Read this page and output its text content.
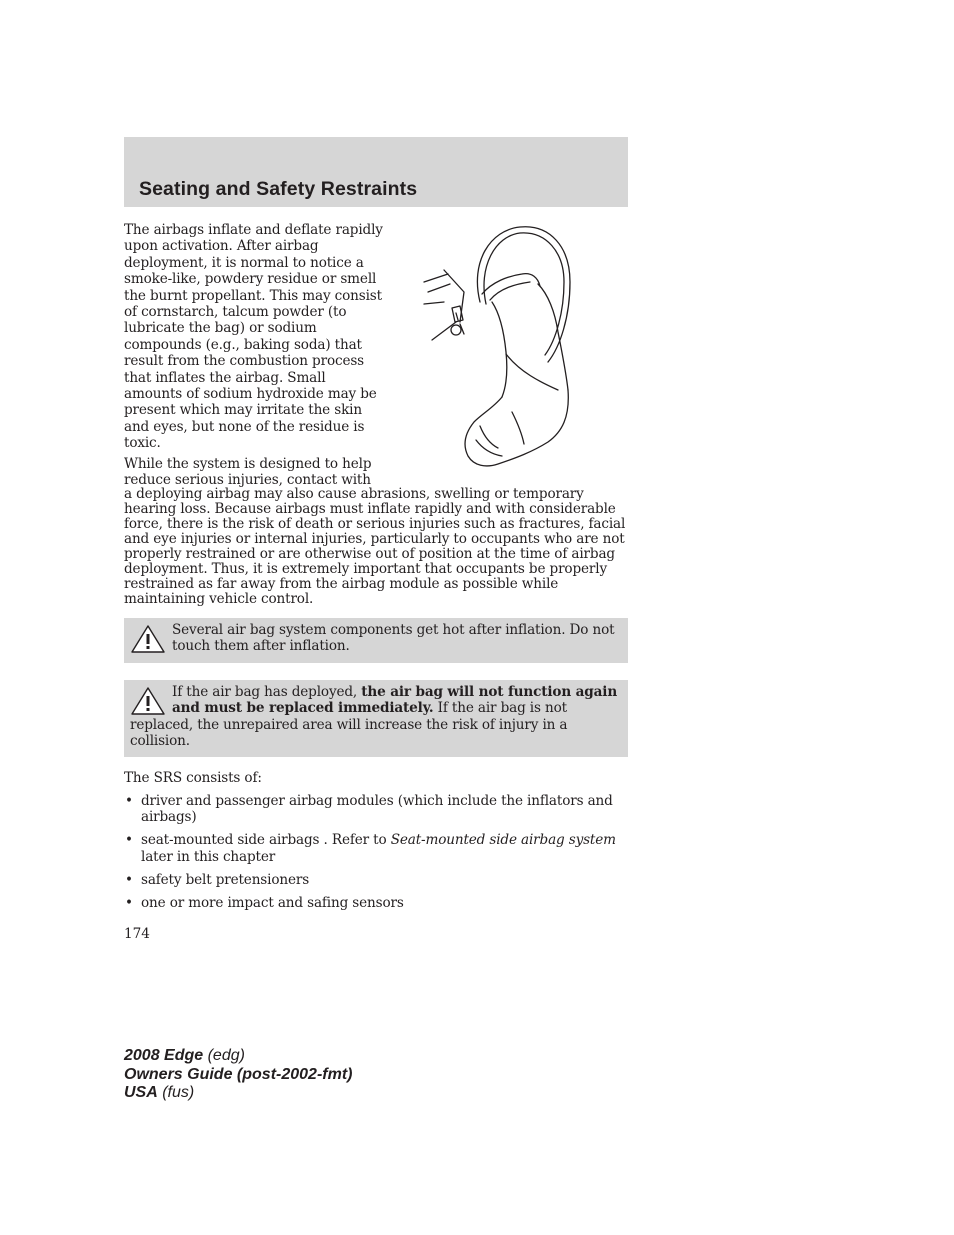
Seating and Safety Restraints

The airbags inflate and deflate rapidly upon activation. After airbag deployment, it is normal to notice a smoke-like, powdery residue or smell the burnt propellant. This may consist of cornstarch, talcum powder (to lubricate the bag) or sodium compounds (e.g., baking soda) that result from the combustion process that inflates the airbag. Small amounts of sodium hydroxide may be present which may irritate the skin and eyes, but none of the residue is toxic.

While the system is designed to help reduce serious injuries, contact with

a deploying airbag may also cause abrasions, swelling or temporary hearing loss. Because airbags must inflate rapidly and with considerable force, there is the risk of death or serious injuries such as fractures, facial and eye injuries or internal injuries, particularly to occupants who are not properly restrained or are otherwise out of position at the time of airbag deployment. Thus, it is extremely important that occupants be properly restrained as far away from the airbag module as possible while maintaining vehicle control.

Several air bag system components get hot after inflation. Do not touch them after inflation.
If the air bag has deployed, the air bag will not function again and must be replaced immediately. If the air bag is not replaced, the unrepaired area will increase the risk of injury in a collision.

The SRS consists of:

• driver and passenger airbag modules (which include the inflators and airbags)
• seat-mounted side airbags . Refer to Seat-mounted side airbag system later in this chapter
• safety belt pretensioners
• one or more impact and safing sensors
174
2008 Edge (edg)
Owners Guide (post-2002-fmt)
USA (fus)
